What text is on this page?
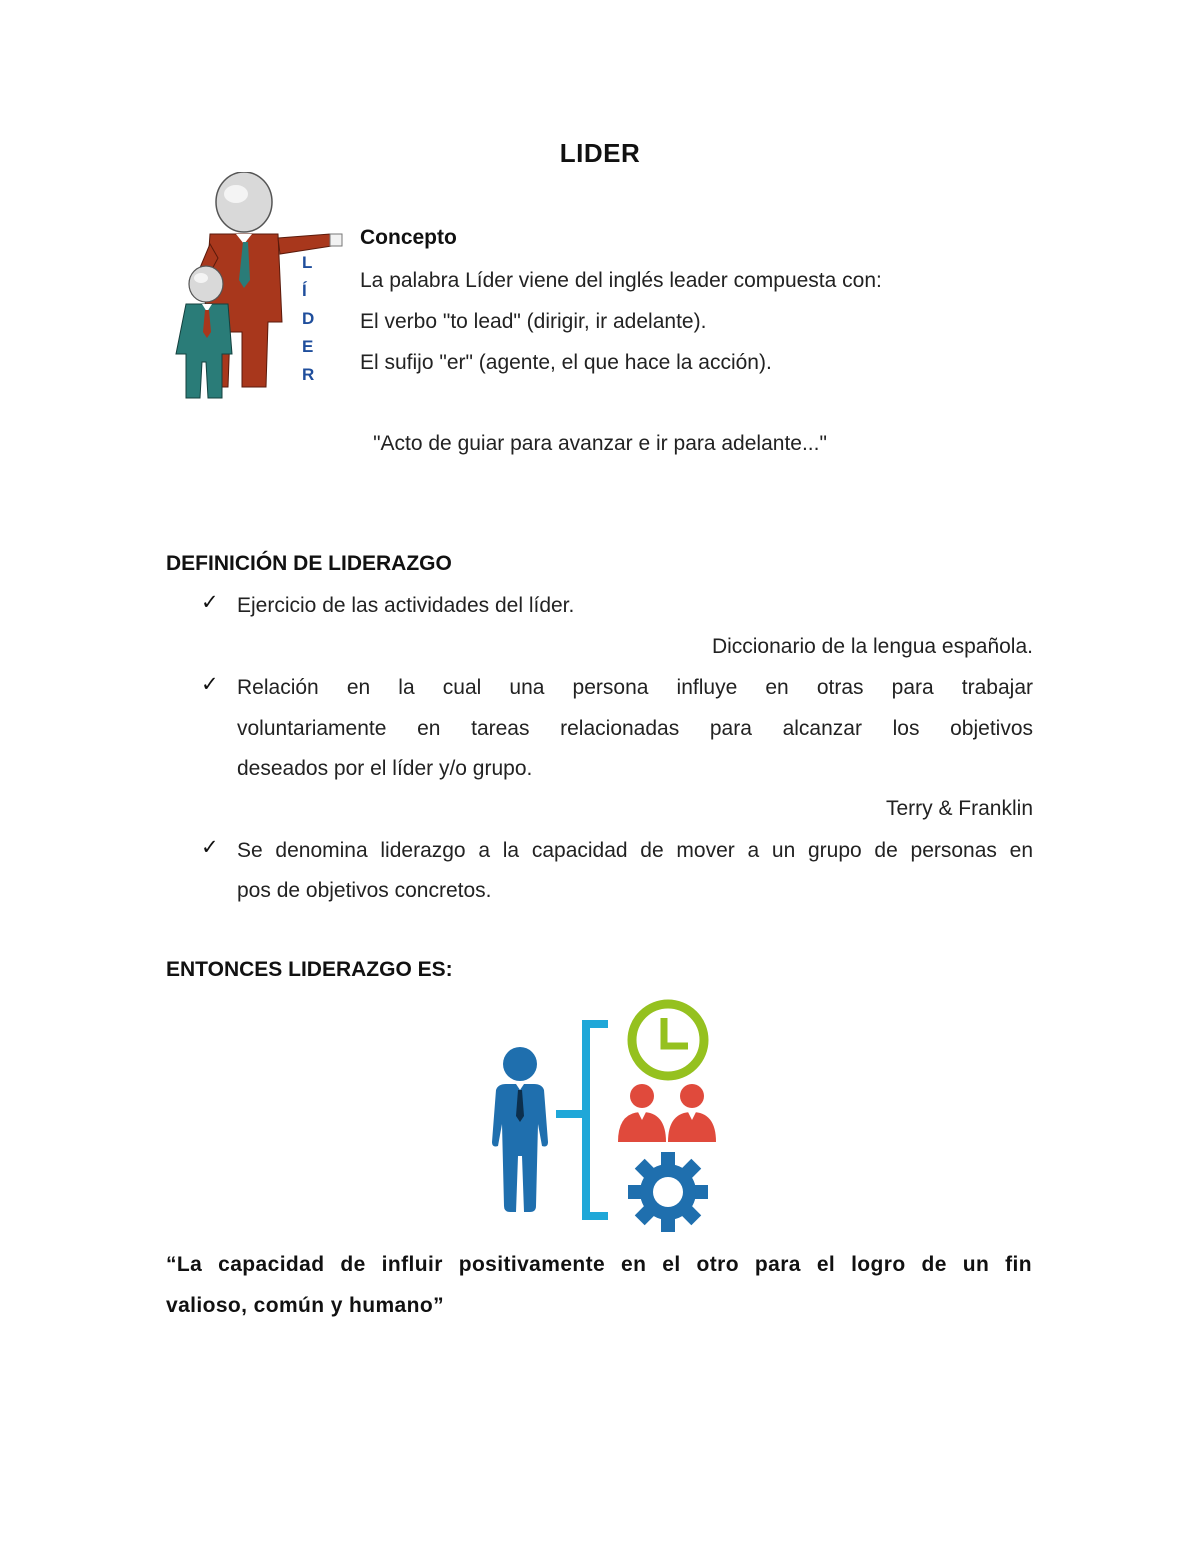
LIDER
L
Í
D
E
R
Concepto
La palabra Líder viene del inglés leader compuesta con:
El verbo "to lead" (dirigir, ir adelante).
El sufijo "er" (agente, el que hace la acción).
"Acto de guiar para avanzar e ir para adelante..."
DEFINICIÓN DE LIDERAZGO
✓ Ejercicio de las actividades del líder.
Diccionario de la lengua española.
✓ Relación en la cual una persona influye en otras para trabajar
voluntariamente en tareas relacionadas para alcanzar los objetivos
deseados por el líder y/o grupo.
Terry & Franklin
✓ Se denomina liderazgo a la capacidad de mover a un grupo de personas en
pos de objetivos concretos.
ENTONCES LIDERAZGO ES:
“La capacidad de influir positivamente en el otro para el logro de un fin
valioso, común y humano”
